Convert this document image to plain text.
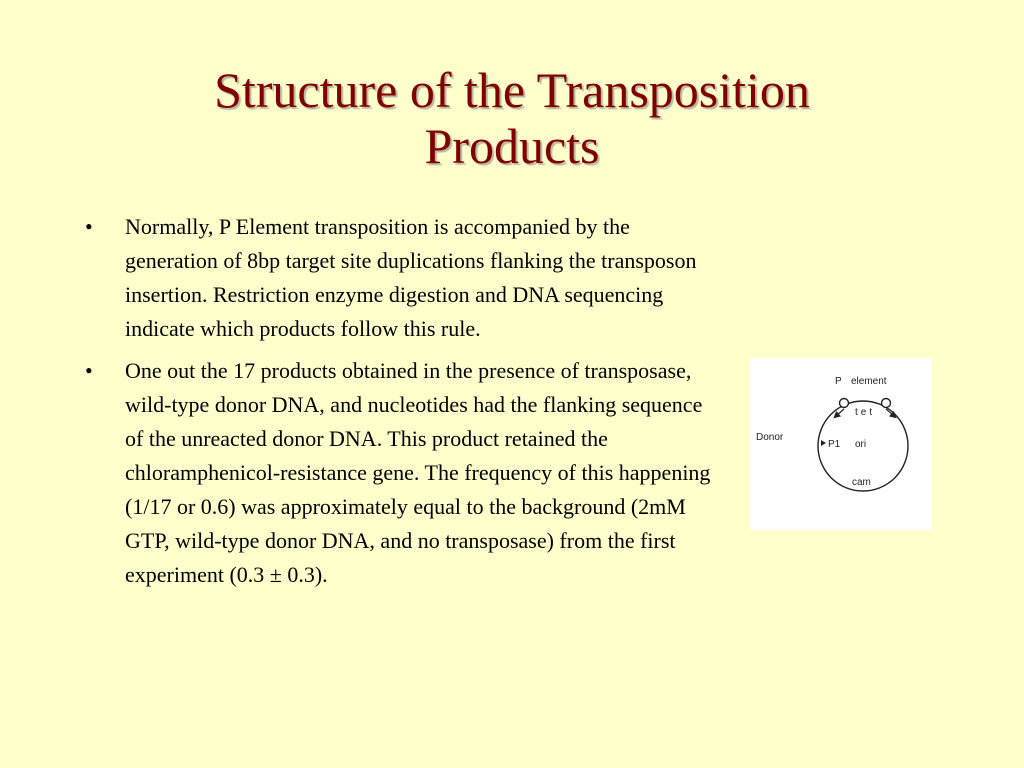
Structure of the Transposition
Products
• Normally, P Element transposition is accompanied by the generation of 8bp target site duplications flanking the transposon insertion. Restriction enzyme digestion and DNA sequencing indicate which products follow this rule.
• One out the 17 products obtained in the presence of transposase, wild-type donor DNA, and nucleotides had the flanking sequence of the unreacted donor DNA. This product retained the chloramphenicol-resistance gene. The frequency of this happening (1/17 or 0.6) was approximately equal to the background (2mM GTP, wild-type donor DNA, and no transposase) from the first experiment (0.3 ± 0.3).
P element
tet
Donor
P1 ori
cam
